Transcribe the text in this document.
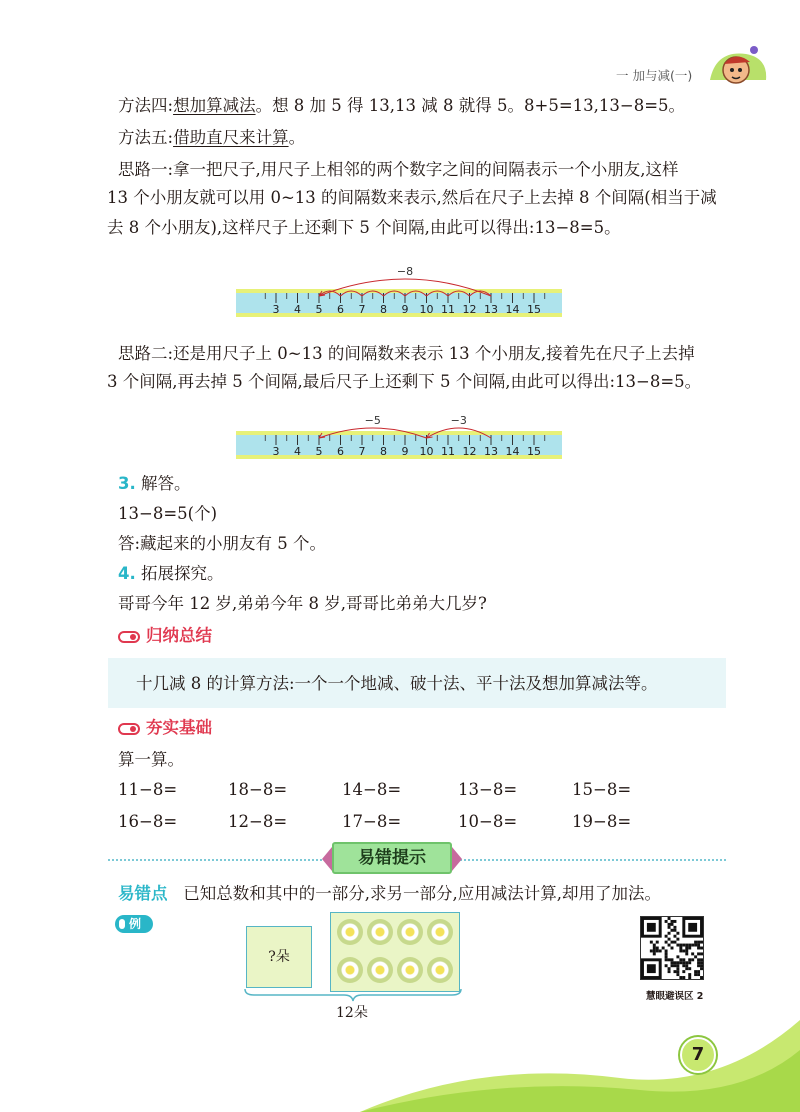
一 加与减(一)
方法四:想加算减法。想 8 加 5 得 13,13 减 8 就得 5。8+5=13,13−8=5。
方法五:借助直尺来计算。
思路一:拿一把尺子,用尺子上相邻的两个数字之间的间隔表示一个小朋友,这样
13 个小朋友就可以用 0~13 的间隔数来表示,然后在尺子上去掉 8 个间隔(相当于减
去 8 个小朋友),这样尺子上还剩下 5 个间隔,由此可以得出:13−8=5。
3 4 5 6 7 8 9 10 11 12 13 14 15
−8
思路二:还是用尺子上 0~13 的间隔数来表示 13 个小朋友,接着先在尺子上去掉
3 个间隔,再去掉 5 个间隔,最后尺子上还剩下 5 个间隔,由此可以得出:13−8=5。
3 4 5 6 7 8 9 10 11 12 13 14 15
−5	−3
3. 解答。
13−8=5(个)
答:藏起来的小朋友有 5 个。
4. 拓展探究。
哥哥今年 12 岁,弟弟今年 8 岁,哥哥比弟弟大几岁?
归纳总结
十几减 8 的计算方法:一个一个地减、破十法、平十法及想加算减法等。
夯实基础
算一算。
11−8=	18−8=	14−8=	13−8=	15−8=
16−8=	12−8=	17−8=	10−8=	19−8=
易错提示
易错点 已知总数和其中的一部分,求另一部分,应用减法计算,却用了加法。
例
?朵
12朵
慧眼避误区 2
7
